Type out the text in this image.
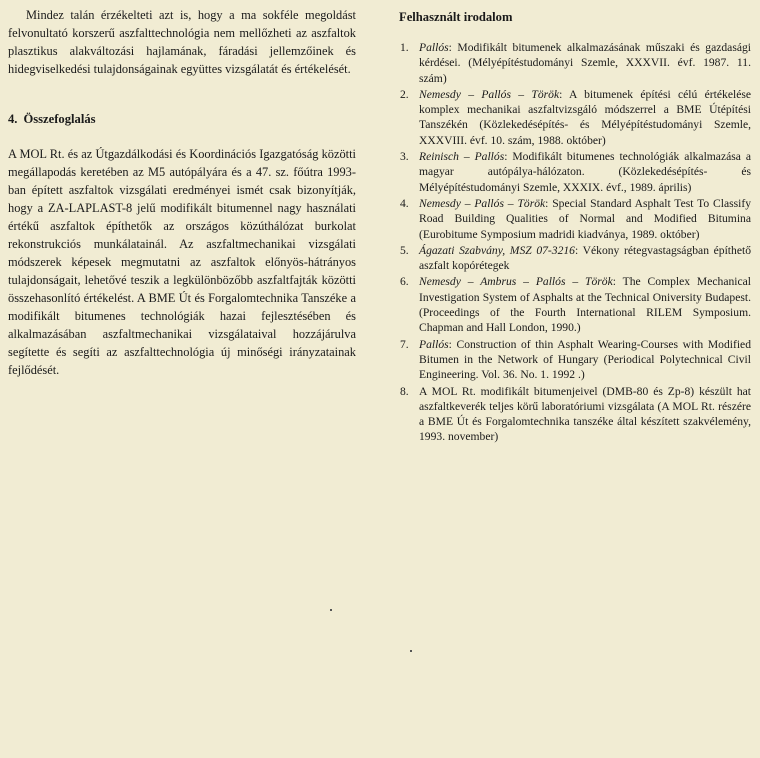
Mindez talán érzékelteti azt is, hogy a ma sokféle megoldást felvonultató korszerű aszfalttechnológia nem mellőzheti az aszfaltok plasztikus alakváltozási hajlamának, fáradási jellemzőinek és hidegviselkedési tulajdonságainak együttes vizsgálatát és értékelését.

4. Összefoglalás

A MOL Rt. és az Útgazdálkodási és Koordinációs Igazgatóság közötti megállapodás keretében az M5 autópályára és a 47. sz. főútra 1993-ban épített aszfaltok vizsgálati eredményei ismét csak bizonyítják, hogy a ZA-LAPLAST-8 jelű modifikált bitumennel nagy használati értékű aszfaltok építhetők az országos közúthálózat burkolat rekonstrukciós munkálatainál. Az aszfaltmechanikai vizsgálati módszerek képesek megmutatni az aszfaltok előnyös-hátrányos tulajdonságait, lehetővé teszik a legkülönbözőbb aszfaltfajták közötti összehasonlító értékelést. A BME Út és Forgalomtechnika Tanszéke a modifikált bitumenes technológiák hazai fejlesztésében és alkalmazásában aszfaltmechanikai vizsgálataival hozzájárulva segítette és segíti az aszfalttechnológia új minőségi irányzatainak fejlődését.

Felhasznált irodalom
1. Pallós: Modifikált bitumenek alkalmazásának műszaki és gazdasági kérdései. (Mélyépítéstudományi Szemle, XXXVII. évf. 1987. 11. szám)
2. Nemesdy – Pallós – Török: A bitumenek építési célú értékelése komplex mechanikai aszfaltvizsgáló módszerrel a BME Útépítési Tanszékén (Közlekedésépítés- és Mélyépítéstudományi Szemle, XXXVIII. évf. 10. szám, 1988. október)
3. Reinisch – Pallós: Modifikált bitumenes technológiák alkalmazása a magyar autópálya-hálózaton. (Közlekedésépítés- és Mélyépítéstudományi Szemle, XXXIX. évf., 1989. április)
4. Nemesdy – Pallós – Török: Special Standard Asphalt Test To Classify Road Building Qualities of Normal and Modified Bitumina (Eurobitume Symposium madridi kiadványa, 1989. október)
5. Ágazati Szabvány, MSZ 07-3216: Vékony rétegvastagságban építhető aszfalt kopórétegek
6. Nemesdy – Ambrus – Pallós – Török: The Complex Mechanical Investigation System of Asphalts at the Technical Oniversity Budapest. (Proceedings of the Fourth International RILEM Symposium. Chapman and Hall London, 1990.)
7. Pallós: Construction of thin Asphalt Wearing-Courses with Modified Bitumen in the Network of Hungary (Periodical Polytechnical Civil Engineering. Vol. 36. No. 1. 1992 .)
8. A MOL Rt. modifikált bitumenjeivel (DMB-80 és Zp-8) készült hat aszfaltkeverék teljes körű laboratóriumi vizsgálata (A MOL Rt. részére a BME Út és Forgalomtechnika tanszéke által készített szakvélemény, 1993. november)
